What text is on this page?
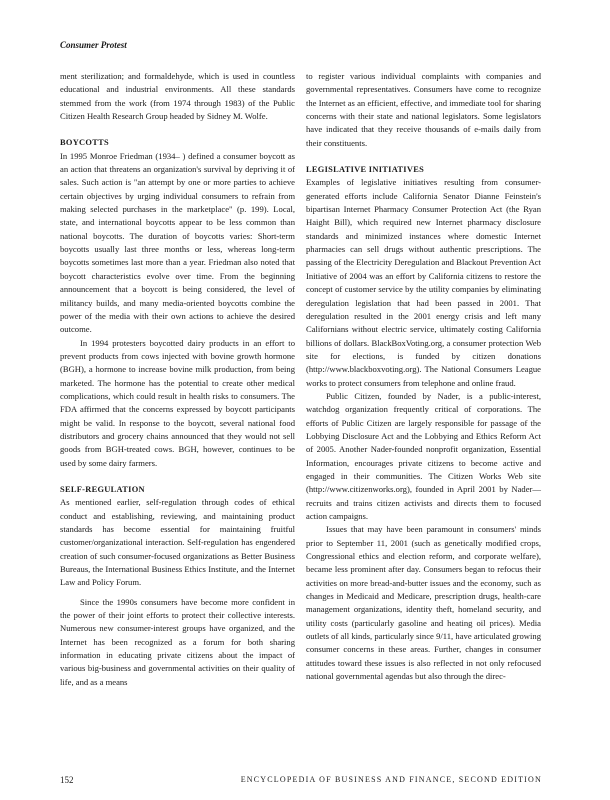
Consumer Protest

ment sterilization; and formaldehyde, which is used in countless educational and industrial environments. All these standards stemmed from the work (from 1974 through 1983) of the Public Citizen Health Research Group headed by Sidney M. Wolfe.

BOYCOTTS

In 1995 Monroe Friedman (1934– ) defined a consumer boycott as an action that threatens an organization's survival by depriving it of sales. Such action is "an attempt by one or more parties to achieve certain objectives by urging individual consumers to refrain from making selected purchases in the marketplace" (p. 199). Local, state, and international boycotts appear to be less common than national boycotts. The duration of boycotts varies: Short-term boycotts usually last three months or less, whereas long-term boycotts sometimes last more than a year. Friedman also noted that boycott characteristics evolve over time. From the beginning announcement that a boycott is being considered, the level of militancy builds, and many media-oriented boycotts combine the power of the media with their own actions to achieve the desired outcome.

In 1994 protesters boycotted dairy products in an effort to prevent products from cows injected with bovine growth hormone (BGH), a hormone to increase bovine milk production, from being marketed. The hormone has the potential to create other medical complications, which could result in health risks to consumers. The FDA affirmed that the concerns expressed by boycott participants might be valid. In response to the boycott, several national food distributors and grocery chains announced that they would not sell goods from BGH-treated cows. BGH, however, continues to be used by some dairy farmers.

SELF-REGULATION

As mentioned earlier, self-regulation through codes of ethical conduct and establishing, reviewing, and maintaining product standards has become essential for maintaining fruitful customer/organizational interaction. Self-regulation has engendered creation of such consumer-focused organizations as Better Business Bureaus, the International Business Ethics Institute, and the Internet Law and Policy Forum.

Since the 1990s consumers have become more confident in the power of their joint efforts to protect their collective interests. Numerous new consumer-interest groups have organized, and the Internet has been recognized as a forum for both sharing information in educating private citizens about the impact of various big-business and governmental activities on their quality of life, and as a means

to register various individual complaints with companies and governmental representatives. Consumers have come to recognize the Internet as an efficient, effective, and immediate tool for sharing concerns with their state and national legislators. Some legislators have indicated that they receive thousands of e-mails daily from their constituents.

LEGISLATIVE INITIATIVES

Examples of legislative initiatives resulting from consumer-generated efforts include California Senator Dianne Feinstein's bipartisan Internet Pharmacy Consumer Protection Act (the Ryan Haight Bill), which required new Internet pharmacy disclosure standards and minimized instances where domestic Internet pharmacies can sell drugs without authentic prescriptions. The passing of the Electricity Deregulation and Blackout Prevention Act Initiative of 2004 was an effort by California citizens to restore the concept of customer service by the utility companies by eliminating deregulation legislation that had been passed in 2001. That deregulation resulted in the 2001 energy crisis and left many Californians without electric service, ultimately costing California billions of dollars. BlackBoxVoting.org, a consumer protection Web site for elections, is funded by citizen donations (http://www.blackboxvoting.org). The National Consumers League works to protect consumers from telephone and online fraud.

Public Citizen, founded by Nader, is a public-interest, watchdog organization frequently critical of corporations. The efforts of Public Citizen are largely responsible for passage of the Lobbying Disclosure Act and the Lobbying and Ethics Reform Act of 2005. Another Nader-founded nonprofit organization, Essential Information, encourages private citizens to become active and engaged in their communities. The Citizen Works Web site (http://www.citizenworks.org), founded in April 2001 by Nader—recruits and trains citizen activists and directs them to focused action campaigns.

Issues that may have been paramount in consumers' minds prior to September 11, 2001 (such as genetically modified crops, Congressional ethics and election reform, and corporate welfare), became less prominent after day. Consumers began to refocus their activities on more bread-and-butter issues and the economy, such as changes in Medicaid and Medicare, prescription drugs, health-care management organizations, identity theft, homeland security, and utility costs (particularly gasoline and heating oil prices). Media outlets of all kinds, particularly since 9/11, have articulated growing consumer concerns in these areas. Further, changes in consumer attitudes toward these issues is also reflected in not only refocused national governmental agendas but also through the direc-

152	ENCYCLOPEDIA OF BUSINESS AND FINANCE, SECOND EDITION
